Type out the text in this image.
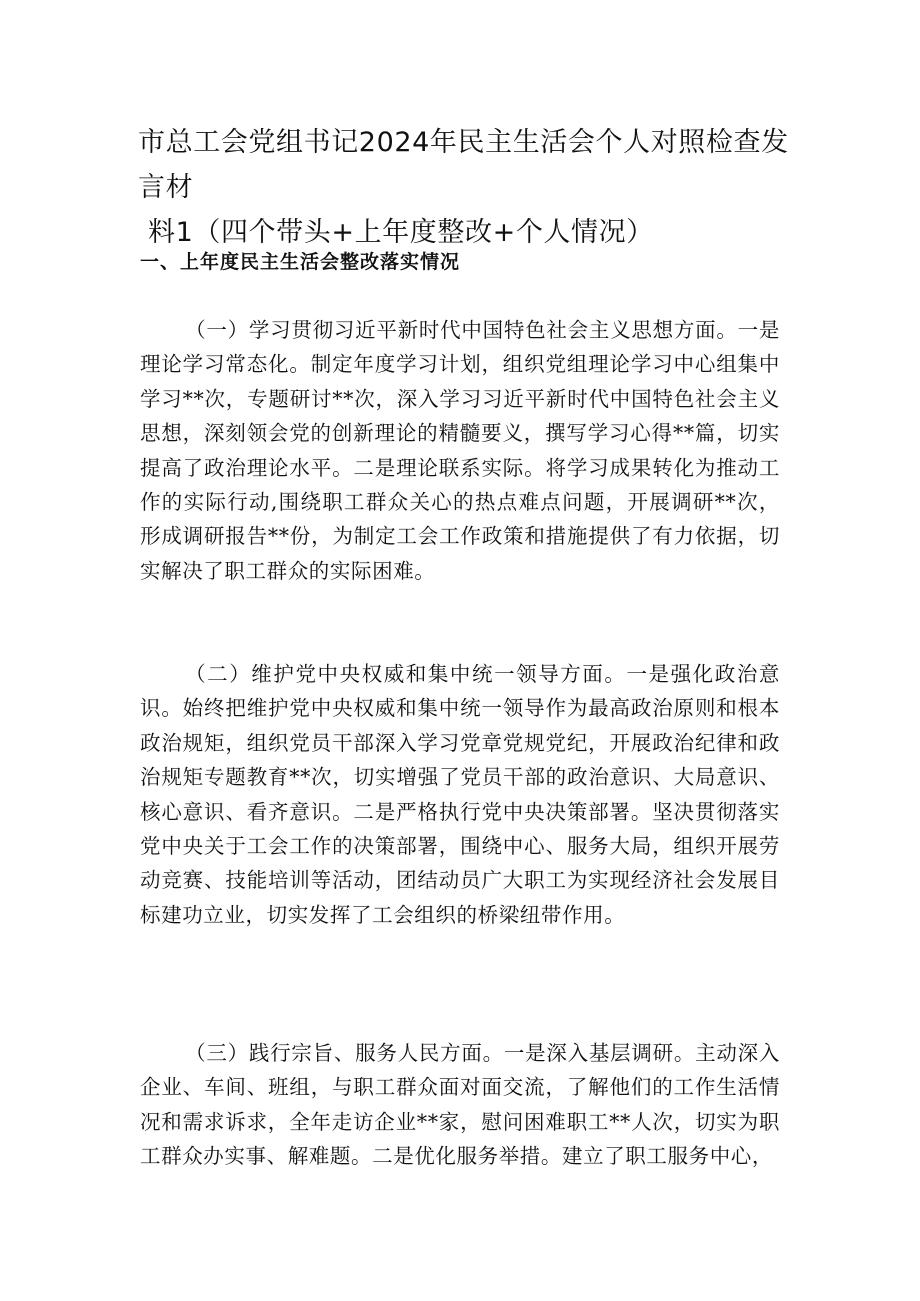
市总工会党组书记2024年民主生活会个人对照检查发言材
料1（四个带头+上年度整改+个人情况）
一、上年度民主生活会整改落实情况

（一）学习贯彻习近平新时代中国特色社会主义思想方面。一是理论学习常态化。制定年度学习计划，组织党组理论学习中心组集中学习**次，专题研讨**次，深入学习习近平新时代中国特色社会主义思想，深刻领会党的创新理论的精髓要义，撰写学习心得**篇，切实提高了政治理论水平。二是理论联系实际。将学习成果转化为推动工作的实际行动,围绕职工群众关心的热点难点问题，开展调研**次，形成调研报告**份，为制定工会工作政策和措施提供了有力依据，切实解决了职工群众的实际困难。

（二）维护党中央权威和集中统一领导方面。一是强化政治意识。始终把维护党中央权威和集中统一领导作为最高政治原则和根本政治规矩，组织党员干部深入学习党章党规党纪，开展政治纪律和政治规矩专题教育**次，切实增强了党员干部的政治意识、大局意识、核心意识、看齐意识。二是严格执行党中央决策部署。坚决贯彻落实党中央关于工会工作的决策部署，围绕中心、服务大局，组织开展劳动竞赛、技能培训等活动，团结动员广大职工为实现经济社会发展目标建功立业，切实发挥了工会组织的桥梁纽带作用。

（三）践行宗旨、服务人民方面。一是深入基层调研。主动深入企业、车间、班组，与职工群众面对面交流，了解他们的工作生活情况和需求诉求，全年走访企业**家，慰问困难职工**人次，切实为职工群众办实事、解难题。二是优化服务举措。建立了职工服务中心，
